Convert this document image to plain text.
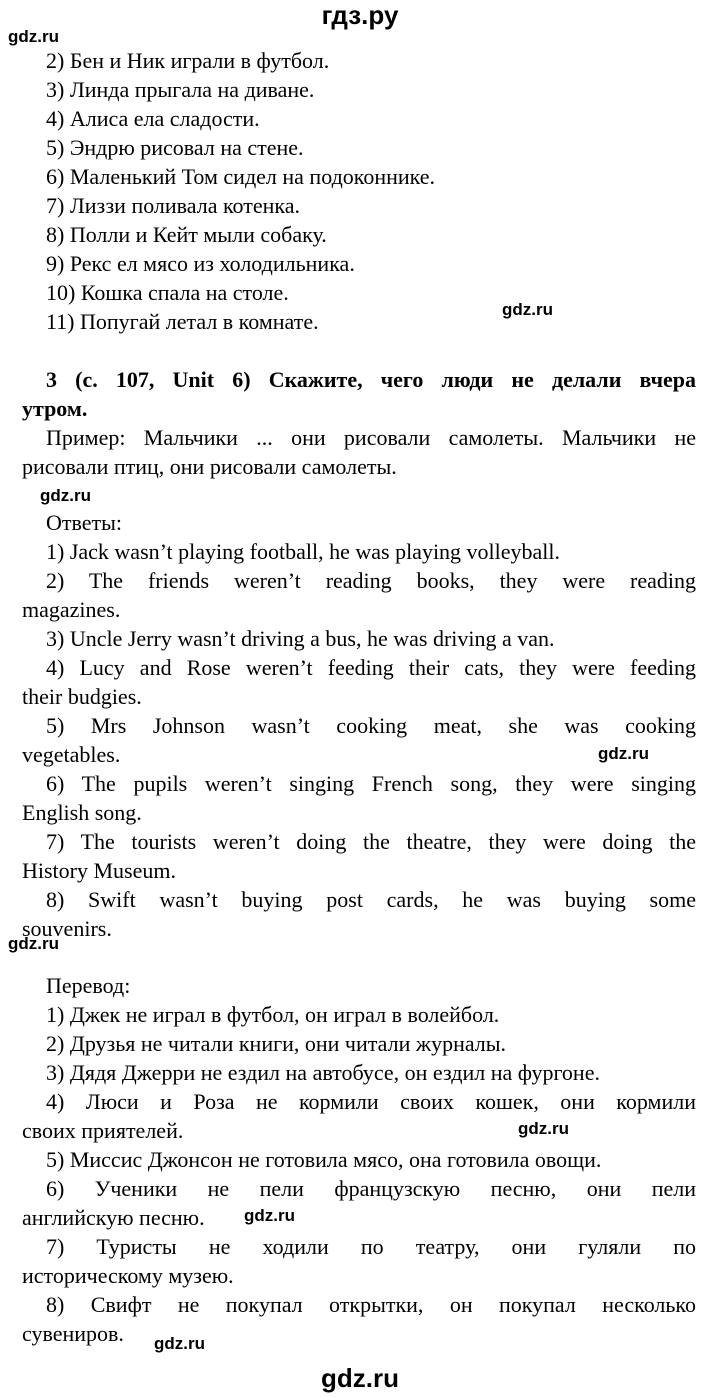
гдз.ру
gdz.ru
2) Бен и Ник играли в футбол.
3) Линда прыгала на диване.
4) Алиса ела сладости.
5) Эндрю рисовал на стене.
6) Маленький Том сидел на подоконнике.
7) Лиззи поливала котенка.
8) Полли и Кейт мыли собаку.
9) Рекс ел мясо из холодильника.
10) Кошка спала на столе.
11) Попугай летал в комнате.	gdz.ru
3 (с. 107, Unit 6) Скажите, чего люди не делали вчера
утром.
Пример: Мальчики ... они рисовали самолеты. Мальчики не
рисовали птиц, они рисовали самолеты.
gdz.ru
Ответы:
1) Jack wasn’t playing football, he was playing volleyball.
2) The friends weren’t reading books, they were reading
magazines.
3) Uncle Jerry wasn’t driving a bus, he was driving a van.
4) Lucy and Rose weren’t feeding their cats, they were feeding
their budgies.
5) Mrs Johnson wasn’t cooking meat, she was cooking
vegetables.	gdz.ru
6) The pupils weren’t singing French song, they were singing
English song.
7) The tourists weren’t doing the theatre, they were doing the
History Museum.
8) Swift wasn’t buying post cards, he was buying some
souvenirs.
gdz.ru
Перевод:
1) Джек не играл в футбол, он играл в волейбол.
2) Друзья не читали книги, они читали журналы.
3) Дядя Джерри не ездил на автобусе, он ездил на фургоне.
4) Люси и Роза не кормили своих кошек, они кормили
своих приятелей.	gdz.ru
5) Миссис Джонсон не готовила мясо, она готовила овощи.
6) Ученики не пели французскую песню, они пели
английскую песню. gdz.ru
7) Туристы не ходили по театру, они гуляли по
историческому музею.
8) Свифт не покупал открытки, он покупал несколько
сувениров. gdz.ru
gdz.ru
